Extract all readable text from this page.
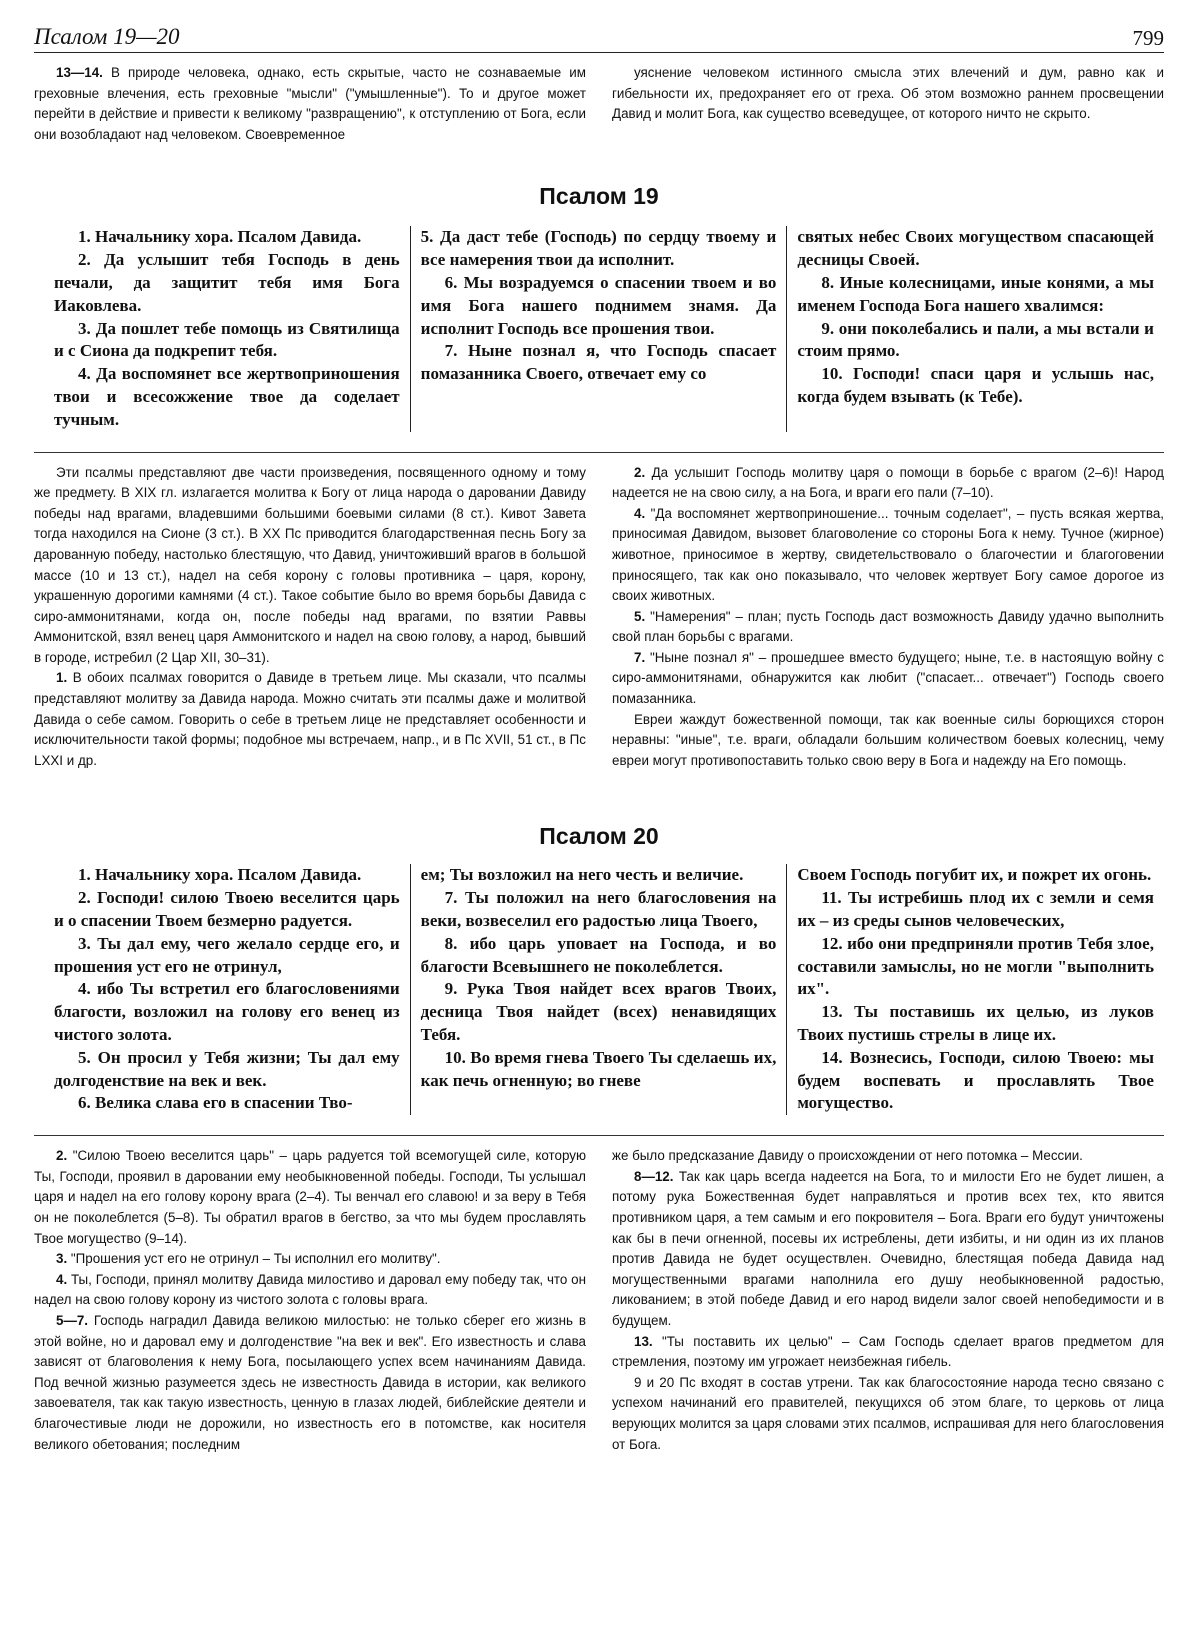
Псалом 19—20	799

13—14. В природе человека, однако, есть скрытые, часто не сознаваемые им греховные влечения, есть греховные "мысли" ("умышленные"). То и другое может перейти в действие и привести к великому "развращению", к отступлению от Бога, если они возобладают над человеком. Своевременное

уяснение человеком истинного смысла этих влечений и дум, равно как и гибельности их, предохраняет его от греха. Об этом возможно раннем просвещении Давид и молит Бога, как существо всеведущее, от которого ничто не скрыто.

Псалом 19

1. Начальнику хора. Псалом Давида.

2. Да услышит тебя Господь в день печали, да защитит тебя имя Бога Иаковлева.

3. Да пошлет тебе помощь из Святилища и с Сиона да подкрепит тебя.

4. Да воспомянет все жертвоприношения твои и всесожжение твое да соделает тучным.

5. Да даст тебе (Господь) по сердцу твоему и все намерения твои да исполнит.

6. Мы возрадуемся о спасении твоем и во имя Бога нашего поднимем знамя. Да исполнит Господь все прошения твои.

7. Ныне познал я, что Господь спасает помазанника Своего, отвечает ему со

святых небес Своих могуществом спасающей десницы Своей.

8. Иные колесницами, иные конями, а мы именем Господа Бога нашего хвалимся:

9. они поколебались и пали, а мы встали и стоим прямо.

10. Господи! спаси царя и услышь нас, когда будем взывать (к Тебе).

Эти псалмы представляют две части произведения, посвященного одному и тому же предмету. В XIX гл. излагается молитва к Богу от лица народа о даровании Давиду победы над врагами, владевшими большими боевыми силами (8 ст.). Кивот Завета тогда находился на Сионе (3 ст.). В XX Пс приводится благодарственная песнь Богу за дарованную победу, настолько блестящую, что Давид, уничтоживший врагов в большой массе (10 и 13 ст.), надел на себя корону с головы противника – царя, корону, украшенную дорогими камнями (4 ст.). Такое событие было во время борьбы Давида с сиро-аммонитянами, когда он, после победы над врагами, по взятии Раввы Аммонитской, взял венец царя Аммонитского и надел на свою голову, а народ, бывший в городе, истребил (2 Цар XII, 30–31).

1. В обоих псалмах говорится о Давиде в третьем лице. Мы сказали, что псалмы представляют молитву за Давида народа. Можно считать эти псалмы даже и молитвой Давида о себе самом. Говорить о себе в третьем лице не представляет особенности и исключительности такой формы; подобное мы встречаем, напр., и в Пс XVII, 51 ст., в Пс LXXI и др.

2. Да услышит Господь молитву царя о помощи в борьбе с врагом (2–6)! Народ надеется не на свою силу, а на Бога, и враги его пали (7–10).

4. "Да воспомянет жертвоприношение... точным соделает", – пусть всякая жертва, приносимая Давидом, вызовет благоволение со стороны Бога к нему. Тучное (жирное) животное, приносимое в жертву, свидетельствовало о благочестии и благоговении приносящего, так как оно показывало, что человек жертвует Богу самое дорогое из своих животных.

5. "Намерения" – план; пусть Господь даст возможность Давиду удачно выполнить свой план борьбы с врагами.

7. "Ныне познал я" – прошедшее вместо будущего; ныне, т.е. в настоящую войну с сиро-аммонитянами, обнаружится как любит ("спасает... отвечает") Господь своего помазанника.

Евреи жаждут божественной помощи, так как военные силы борющихся сторон неравны: "иные", т.е. враги, обладали большим количеством боевых колесниц, чему евреи могут противопоставить только свою веру в Бога и надежду на Его помощь.

Псалом 20

1. Начальнику хора. Псалом Давида.

2. Господи! силою Твоею веселится царь и о спасении Твоем безмерно радуется.

3. Ты дал ему, чего желало сердце его, и прошения уст его не отринул,

4. ибо Ты встретил его благословениями благости, возложил на голову его венец из чистого золота.

5. Он просил у Тебя жизни; Ты дал ему долгоденствие на век и век.

6. Велика слава его в спасении Тво-

ем; Ты возложил на него честь и величие.

7. Ты положил на него благословения на веки, возвеселил его радостью лица Твоего,

8. ибо царь уповает на Господа, и во благости Всевышнего не поколеблется.

9. Рука Твоя найдет всех врагов Твоих, десница Твоя найдет (всех) ненавидящих Тебя.

10. Во время гнева Твоего Ты сделаешь их, как печь огненную; во гневе

Своем Господь погубит их, и пожрет их огонь.

11. Ты истребишь плод их с земли и семя их – из среды сынов человеческих,

12. ибо они предприняли против Тебя злое, составили замыслы, но не могли "выполнить их".

13. Ты поставишь их целью, из луков Твоих пустишь стрелы в лице их.

14. Вознесись, Господи, силою Твоею: мы будем воспевать и прославлять Твое могущество.

2. "Силою Твоею веселится царь" – царь радуется той всемогущей силе, которую Ты, Господи, проявил в даровании ему необыкновенной победы. Господи, Ты услышал царя и надел на его голову корону врага (2–4). Ты венчал его славою! и за веру в Тебя он не поколеблется (5–8). Ты обратил врагов в бегство, за что мы будем прославлять Твое могущество (9–14).

3. "Прошения уст его не отринул – Ты исполнил его молитву".

4. Ты, Господи, принял молитву Давида милостиво и даровал ему победу так, что он надел на свою голову корону из чистого золота с головы врага.

5—7. Господь наградил Давида великою милостью: не только сберег его жизнь в этой войне, но и даровал ему и долгоденствие "на век и век". Его известность и слава зависят от благоволения к нему Бога, посылающего успех всем начинаниям Давида. Под вечной жизнью разумеется здесь не известность Давида в истории, как великого завоевателя, так как такую известность, ценную в глазах людей, библейские деятели и благочестивые люди не дорожили, но известность его в потомстве, как носителя великого обетования; последним

же было предсказание Давиду о происхождении от него потомка – Мессии.

8—12. Так как царь всегда надеется на Бога, то и милости Его не будет лишен, а потому рука Божественная будет направляться и против всех тех, кто явится противником царя, а тем самым и его покровителя – Бога. Враги его будут уничтожены как бы в печи огненной, посевы их истреблены, дети избиты, и ни один из их планов против Давида не будет осуществлен. Очевидно, блестящая победа Давида над могущественными врагами наполнила его душу необыкновенной радостью, ликованием; в этой победе Давид и его народ видели залог своей непобедимости и в будущем.

13. "Ты поставить их целью" – Сам Господь сделает врагов предметом для стремления, поэтому им угрожает неизбежная гибель.

9 и 20 Пс входят в состав утрени. Так как благосостояние народа тесно связано с успехом начинаний его правителей, пекущихся об этом благе, то церковь от лица верующих молится за царя словами этих псалмов, испрашивая для него благословения от Бога.
